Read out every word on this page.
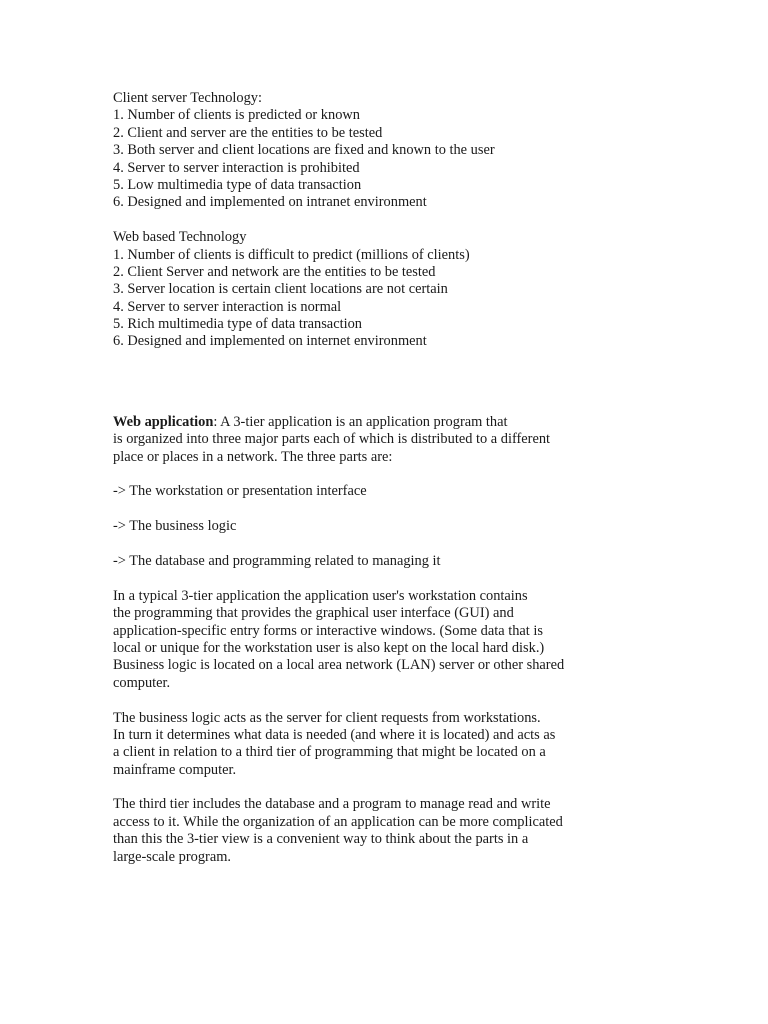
Client server Technology:
1. Number of clients is predicted or known
2. Client and server are the entities to be tested
3. Both server and client locations are fixed and known to the user
4. Server to server interaction is prohibited
5. Low multimedia type of data transaction
6. Designed and implemented on intranet environment
Web based Technology
1. Number of clients is difficult to predict (millions of clients)
2. Client Server and network are the entities to be tested
3. Server location is certain client locations are not certain
4. Server to server interaction is normal
5. Rich multimedia type of data transaction
6. Designed and implemented on internet environment
Web application: A 3-tier application is an application program that
is organized into three major parts each of which is distributed to a different
place or places in a network. The three parts are:
-> The workstation or presentation interface
-> The business logic
-> The database and programming related to managing it
In a typical 3-tier application the application user's workstation contains
the programming that provides the graphical user interface (GUI) and
application-specific entry forms or interactive windows. (Some data that is
local or unique for the workstation user is also kept on the local hard disk.)
Business logic is located on a local area network (LAN) server or other shared
computer.
The business logic acts as the server for client requests from workstations.
In turn it determines what data is needed (and where it is located) and acts as
a client in relation to a third tier of programming that might be located on a
mainframe computer.
The third tier includes the database and a program to manage read and write
access to it. While the organization of an application can be more complicated
than this the 3-tier view is a convenient way to think about the parts in a
large-scale program.
